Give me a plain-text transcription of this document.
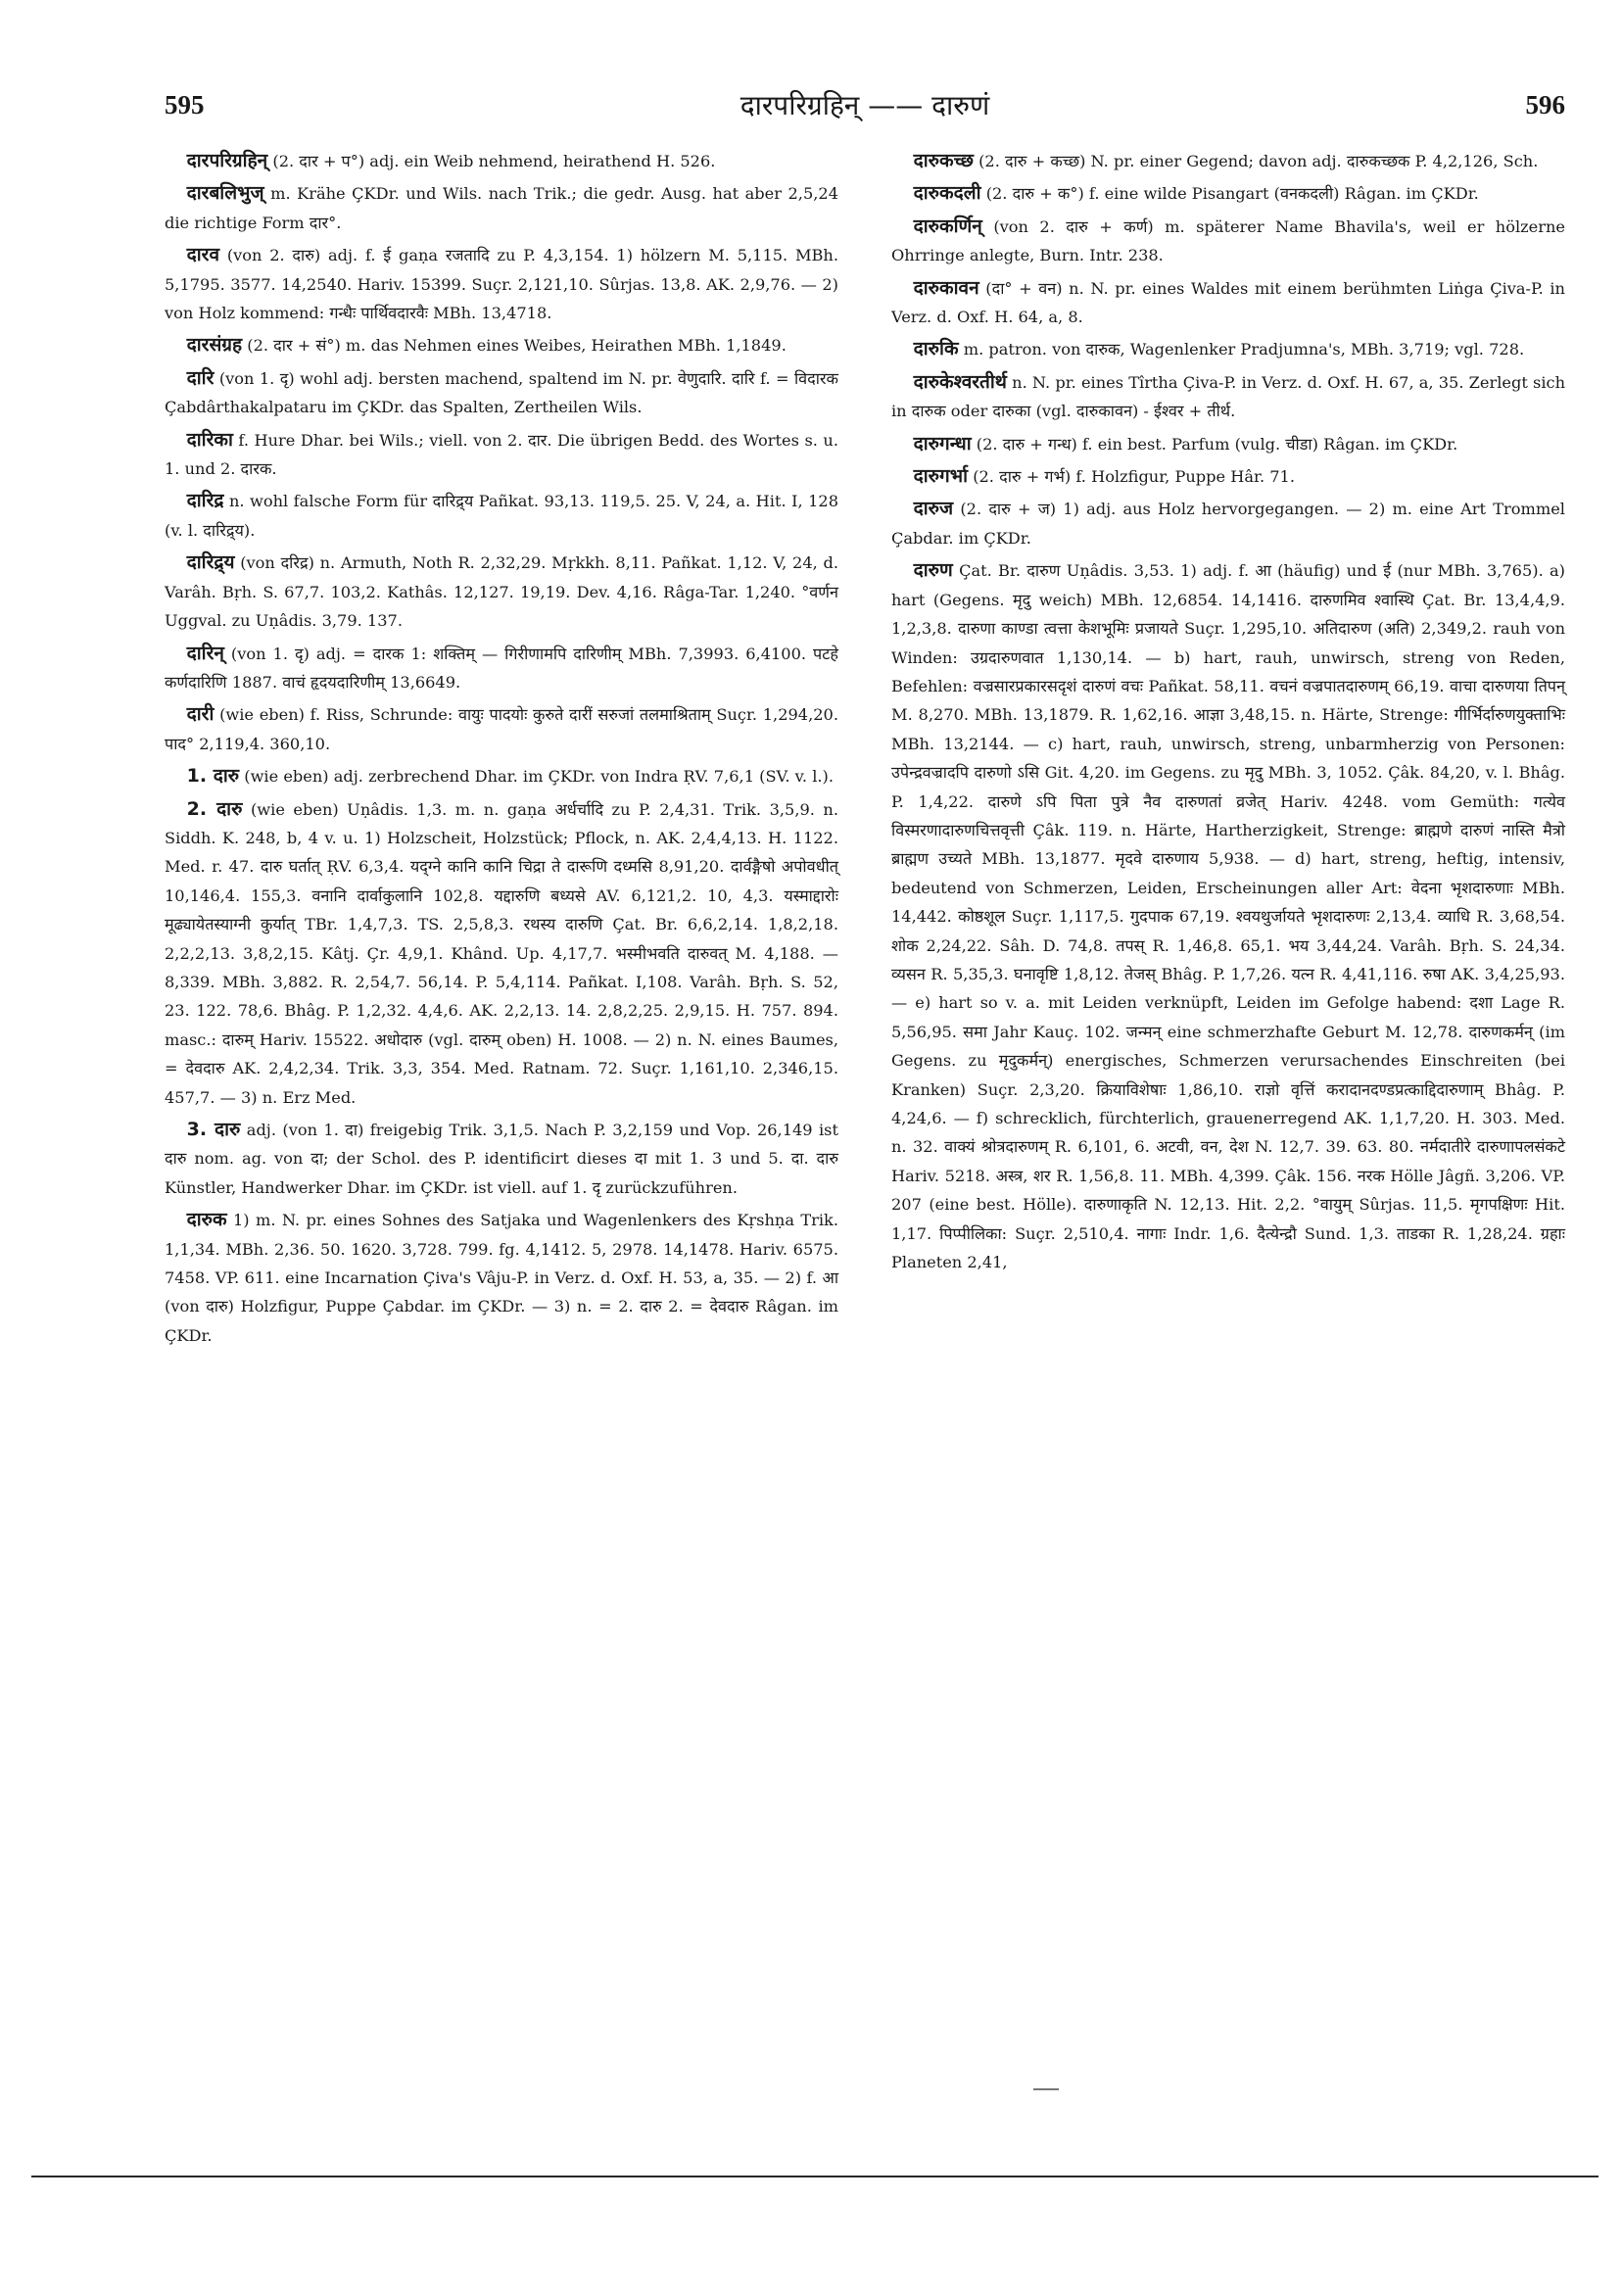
595	दारपरिग्रहिन् —— दारुणं	596

दारपरिग्रहिन् (2. दार + प°) adj. ein Weib nehmend, heirathend H. 526.

दारबलिभुज् m. Krähe ÇKDr. und Wils. nach Trik.; die gedr. Ausg. hat aber 2,5,24 die richtige Form दार°.

दारव (von 2. दारु) adj. f. ई gaṇa रजतादि zu P. 4,3,154. 1) hölzern M. 5,115. MBh. 5,1795. 3577. 14,2540. Hariv. 15399. Suçr. 2,121,10. Sûrjas. 13,8. AK. 2,9,76. — 2) von Holz kommend: गन्धैः पार्थिवदारवैः MBh. 13,4718.

दारसंग्रह (2. दार + सं°) m. das Nehmen eines Weibes, Heirathen MBh. 1,1849.

दारि (von 1. दृ) wohl adj. bersten machend, spaltend im N. pr. वेणुदारि. दारि f. = विदारक Çabdârthakalpataru im ÇKDr. das Spalten, Zertheilen Wils.

दारिका f. Hure Dhar. bei Wils.; viell. von 2. दार. Die übrigen Bedd. des Wortes s. u. 1. und 2. दारक.

दारिद्र n. wohl falsche Form für दारिद्र्य Pañkat. 93,13. 119,5. 25. V, 24, a. Hit. I, 128 (v. l. दारिद्र्य).

दारिद्र्य (von दरिद्र) n. Armuth, Noth R. 2,32,29. Mṛkkh. 8,11. Pañkat. 1,12. V, 24, d. Varâh. Bṛh. S. 67,7. 103,2. Kathâs. 12,127. 19,19. Dev. 4,16. Râga-Tar. 1,240. °वर्णन Uggval. zu Uṇâdis. 3,79. 137.

दारिन् (von 1. दृ) adj. = दारक 1: शक्तिम् — गिरीणामपि दारिणीम् MBh. 7,3993. 6,4100. पटहे कर्णदारिणि 1887. वाचं हृदयदारिणीम् 13,6649.

दारी (wie eben) f. Riss, Schrunde: वायुः पादयोः कुरुते दारीं सरुजां तलमाश्रिताम् Suçr. 1,294,20. पाद° 2,119,4. 360,10.

1. दारु (wie eben) adj. zerbrechend Dhar. im ÇKDr. von Indra ṚV. 7,6,1 (SV. v. l.).

2. दारु (wie eben) Uṇâdis. 1,3. m. n. gaṇa अर्धर्चादि zu P. 2,4,31. Trik. 3,5,9. n. Siddh. K. 248, b, 4 v. u. 1) Holzscheit, Holzstück; Pflock, n. AK. 2,4,4,13. H. 1122. Med. r. 47. दारु घर्तात् ṚV. 6,3,4. यद्ग्ने कानि कानि चिद्रा ते दारूणि दध्मसि 8,91,20. दार्वङ्गैषो अपोवधीत् 10,146,4. 155,3. वनानि दार्वाकुलानि 102,8. यद्दारुणि बध्यसे AV. 6,121,2. 10, 4,3. यस्माद्दारोः मूढ्यायेतस्याग्नी कुर्यात् TBr. 1,4,7,3. TS. 2,5,8,3. रथस्य दारुणि Çat. Br. 6,6,2,14. 1,8,2,18. 2,2,2,13. 3,8,2,15. Kâtj. Çr. 4,9,1. Khând. Up. 4,17,7. भस्मीभवति दारुवत् M. 4,188. — 8,339. MBh. 3,882. R. 2,54,7. 56,14. P. 5,4,114. Pañkat. I,108. Varâh. Bṛh. S. 52, 23. 122. 78,6. Bhâg. P. 1,2,32. 4,4,6. AK. 2,2,13. 14. 2,8,2,25. 2,9,15. H. 757. 894. masc.: दारुम् Hariv. 15522. अधोदारु (vgl. दारुम् oben) H. 1008. — 2) n. N. eines Baumes, = देवदारु AK. 2,4,2,34. Trik. 3,3, 354. Med. Ratnam. 72. Suçr. 1,161,10. 2,346,15. 457,7. — 3) n. Erz Med.

3. दारु adj. (von 1. दा) freigebig Trik. 3,1,5. Nach P. 3,2,159 und Vop. 26,149 ist दारु nom. ag. von दा; der Schol. des P. identificirt dieses दा mit 1. 3 und 5. दा. दारु Künstler, Handwerker Dhar. im ÇKDr. ist viell. auf 1. दृ zurückzuführen.

दारुक 1) m. N. pr. eines Sohnes des Satjaka und Wagenlenkers des Kṛshṇa Trik. 1,1,34. MBh. 2,36. 50. 1620. 3,728. 799. fg. 4,1412. 5, 2978. 14,1478. Hariv. 6575. 7458. VP. 611. eine Incarnation Çiva's Vâju-P. in Verz. d. Oxf. H. 53, a, 35. — 2) f. आ (von दारु) Holzfigur, Puppe Çabdar. im ÇKDr. — 3) n. = 2. दारु 2. = देवदारु Râgan. im ÇKDr.

दारुकच्छ (2. दारु + कच्छ) N. pr. einer Gegend; davon adj. दारुकच्छक P. 4,2,126, Sch.

दारुकदली (2. दारु + क°) f. eine wilde Pisangart (वनकदली) Râgan. im ÇKDr.

दारुकर्णिन् (von 2. दारु + कर्ण) m. späterer Name Bhavila's, weil er hölzerne Ohrringe anlegte, Burn. Intr. 238.

दारुकावन (दा° + वन) n. N. pr. eines Waldes mit einem berühmten Liṅga Çiva-P. in Verz. d. Oxf. H. 64, a, 8.

दारुकि m. patron. von दारुक, Wagenlenker Pradjumna's, MBh. 3,719; vgl. 728.

दारुकेश्वरतीर्थ n. N. pr. eines Tîrtha Çiva-P. in Verz. d. Oxf. H. 67, a, 35. Zerlegt sich in दारुक oder दारुका (vgl. दारुकावन) - ईश्वर + तीर्थ.

दारुगन्धा (2. दारु + गन्ध) f. ein best. Parfum (vulg. चीडा) Râgan. im ÇKDr.

दारुगर्भा (2. दारु + गर्भ) f. Holzfigur, Puppe Hâr. 71.

दारुज (2. दारु + ज) 1) adj. aus Holz hervorgegangen. — 2) m. eine Art Trommel Çabdar. im ÇKDr.

दारुण Çat. Br. दारुण Uṇâdis. 3,53. 1) adj. f. आ (häufig) und ई (nur MBh. 3,765). a) hart (Gegens. मृदु weich) MBh. 12,6854. 14,1416. दारुणमिव श्वास्थि Çat. Br. 13,4,4,9. 1,2,3,8. दारुणा काण्डा त्वत्ता केशभूमिः प्रजायते Suçr. 1,295,10. अतिदारुण (अति) 2,349,2. rauh von Winden: उग्रदारुणवात 1,130,14. — b) hart, rauh, unwirsch, streng von Reden, Befehlen: वज्रसारप्रकारसदृशं दारुणं वचः Pañkat. 58,11. वचनं वज्रपातदारुणम् 66,19. वाचा दारुणया तिपन् M. 8,270. MBh. 13,1879. R. 1,62,16. आज्ञा 3,48,15. n. Härte, Strenge: गीर्भिर्दारुणयुक्ताभिः MBh. 13,2144. — c) hart, rauh, unwirsch, streng, unbarmherzig von Personen: उपेन्द्रवज्रादपि दारुणो ऽसि Git. 4,20. im Gegens. zu मृदु MBh. 3, 1052. Çâk. 84,20, v. l. Bhâg. P. 1,4,22. दारुणे ऽपि पिता पुत्रे नैव दारुणतां व्रजेत् Hariv. 4248. vom Gemüth: गत्येव विस्मरणादारुणचित्तवृत्ती Çâk. 119. n. Härte, Hartherzigkeit, Strenge: ब्राह्मणे दारुणं नास्ति मैत्रो ब्राह्मण उच्यते MBh. 13,1877. मृदवे दारुणाय 5,938. — d) hart, streng, heftig, intensiv, bedeutend von Schmerzen, Leiden, Erscheinungen aller Art: वेदना भृशदारुणाः MBh. 14,442. कोष्ठशूल Suçr. 1,117,5. गुदपाक 67,19. श्वयथुर्जायते भृशदारुणः 2,13,4. व्याधि R. 3,68,54. शोक 2,24,22. Sâh. D. 74,8. तपस् R. 1,46,8. 65,1. भय 3,44,24. Varâh. Bṛh. S. 24,34. व्यसन R. 5,35,3. घनावृष्टि 1,8,12. तेजस् Bhâg. P. 1,7,26. यत्न R. 4,41,116. रुषा AK. 3,4,25,93. — e) hart so v. a. mit Leiden verknüpft, Leiden im Gefolge habend: दशा Lage R. 5,56,95. समा Jahr Kauç. 102. जन्मन् eine schmerzhafte Geburt M. 12,78. दारुणकर्मन् (im Gegens. zu मृदुकर्मन्) energisches, Schmerzen verursachendes Einschreiten (bei Kranken) Suçr. 2,3,20. क्रियाविशेषाः 1,86,10. राज्ञो वृत्तिं करादानदण्डप्रत्काद्दिदारुणाम् Bhâg. P. 4,24,6. — f) schrecklich, fürchterlich, grauenerregend AK. 1,1,7,20. H. 303. Med. n. 32. वाक्यं श्रोत्रदारुणम् R. 6,101, 6. अटवी, वन, देश N. 12,7. 39. 63. 80. नर्मदातीरे दारुणापलसंकटे Hariv. 5218. अस्त्र, शर R. 1,56,8. 11. MBh. 4,399. Çâk. 156. नरक Hölle Jâgñ. 3,206. VP. 207 (eine best. Hölle). दारुणाकृति N. 12,13. Hit. 2,2. °वायुम् Sûrjas. 11,5. मृगपक्षिणः Hit. 1,17. पिप्पीलिका: Suçr. 2,510,4. नागाः Indr. 1,6. दैत्येन्द्रौ Sund. 1,3. ताडका R. 1,28,24. ग्रहाः Planeten 2,41,
